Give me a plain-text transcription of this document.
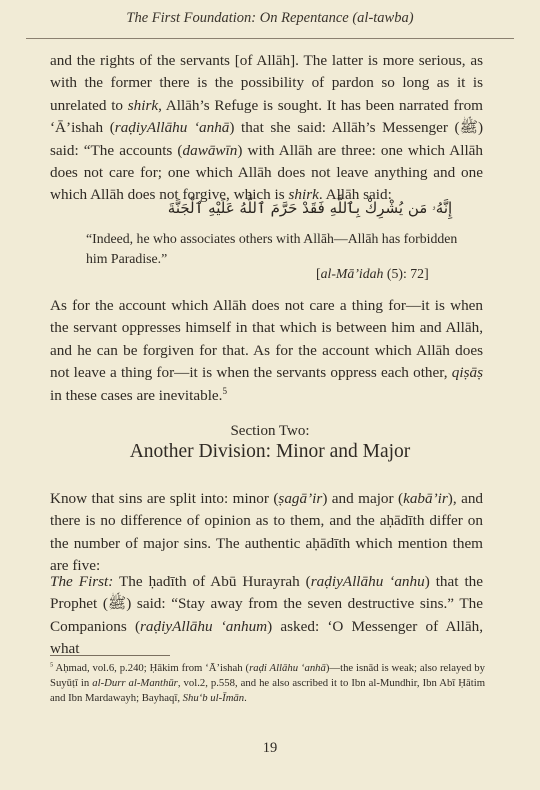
The First Foundation: On Repentance (al-tawba)

and the rights of the servants [of Allāh]. The latter is more serious, as with the former there is the possibility of pardon so long as it is unrelated to shirk, Allāh’s Refuge is sought. It has been narrated from ‘Ā’ishah (raḍiyAllāhu ‘anhā) that she said: Allāh’s Messenger (ﷺ) said: “The accounts (dawāwīn) with Allāh are three: one which Allāh does not care for; one which Allāh does not leave anything and one which Allāh does not forgive, which is shirk. Allāh said:

إِنَّهُۥ مَن يُشْرِكْ بِٱللَّهِ فَقَدْ حَرَّمَ ٱللَّهُ عَلَيْهِ ٱلْجَنَّةَ

“Indeed, he who associates others with Allāh—Allāh has forbidden him Paradise.”

[al-Mā’idah (5): 72]

As for the account which Allāh does not care a thing for—it is when the servant oppresses himself in that which is between him and Allāh, and he can be forgiven for that. As for the account which Allāh does not leave a thing for—it is when the servants oppress each other, qiṣāṣ in these cases are inevitable.$^5$

Section Two:
Another Division: Minor and Major

Know that sins are split into: minor (ṣagā’ir) and major (kabā’ir), and there is no difference of opinion as to them, and the aḥādīth differ on the number of major sins. The authentic aḥādīth which mention them are five:

The First: The ḥadīth of Abū Hurayrah (raḍiyAllāhu ‘anhu) that the Prophet (ﷺ) said: “Stay away from the seven destructive sins.” The Companions (raḍiyAllāhu ‘anhum) asked: ‘O Messenger of Allāh, what

$^5$ Aḥmad, vol.6, p.240; Ḥākim from ‘Ā’ishah (raḍi Allāhu ‘anhā)—the isnād is weak; also relayed by Suyūṭī in al-Durr al-Manthūr, vol.2, p.558, and he also ascribed it to Ibn al-Mundhir, Ibn Abī Ḥātim and Ibn Mardawayh; Bayhaqī, Shu‘b ul-Īmān.

19
